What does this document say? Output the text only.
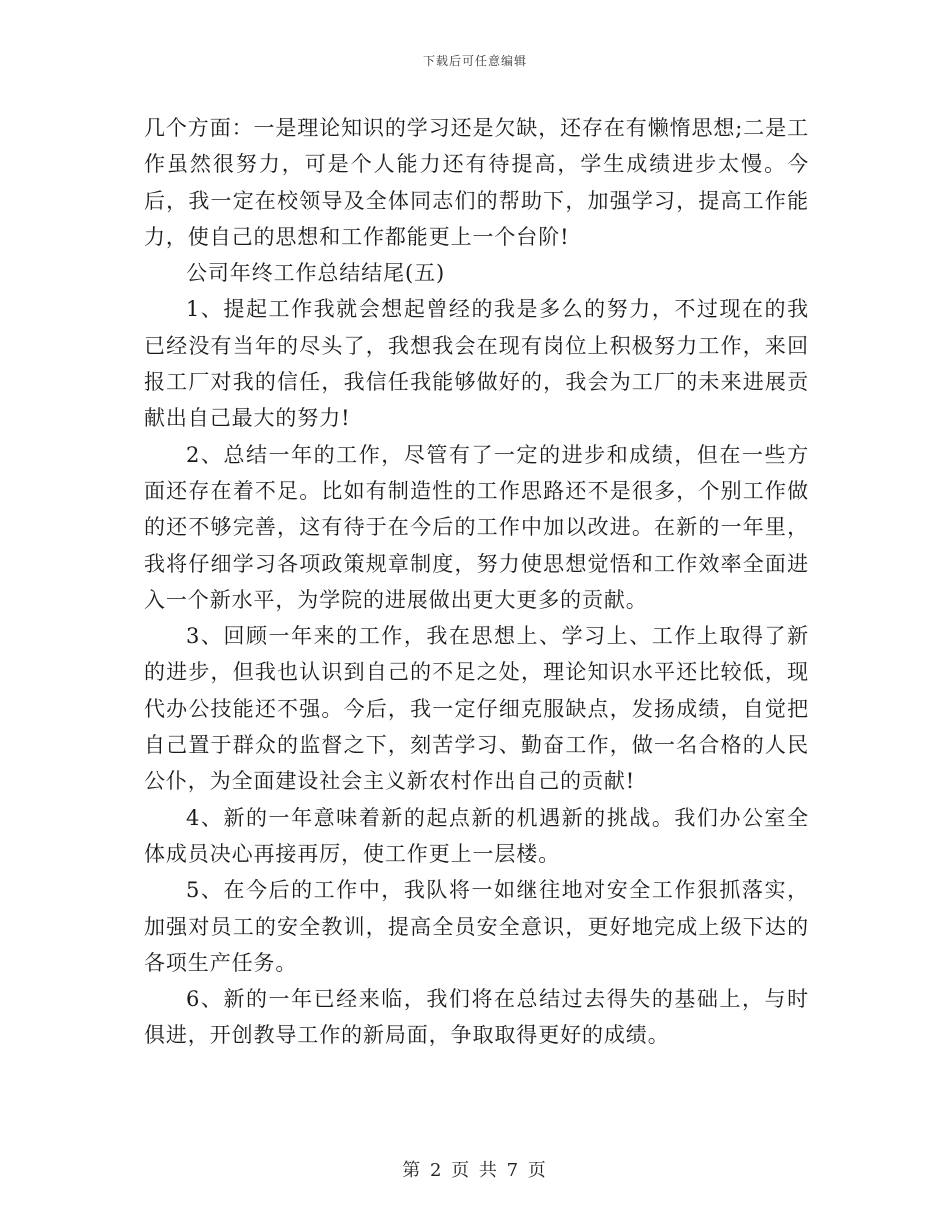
下载后可任意编辑

几个方面：一是理论知识的学习还是欠缺，还存在有懒惰思想;二是工作虽然很努力，可是个人能力还有待提高，学生成绩进步太慢。今后，我一定在校领导及全体同志们的帮助下，加强学习，提高工作能力，使自己的思想和工作都能更上一个台阶!

公司年终工作总结结尾(五)

1、提起工作我就会想起曾经的我是多么的努力，不过现在的我已经没有当年的尽头了，我想我会在现有岗位上积极努力工作，来回报工厂对我的信任，我信任我能够做好的，我会为工厂的未来进展贡献出自己最大的努力!

2、总结一年的工作，尽管有了一定的进步和成绩，但在一些方面还存在着不足。比如有制造性的工作思路还不是很多，个别工作做的还不够完善，这有待于在今后的工作中加以改进。在新的一年里，我将仔细学习各项政策规章制度，努力使思想觉悟和工作效率全面进入一个新水平，为学院的进展做出更大更多的贡献。

3、回顾一年来的工作，我在思想上、学习上、工作上取得了新的进步，但我也认识到自己的不足之处，理论知识水平还比较低，现代办公技能还不强。今后，我一定仔细克服缺点，发扬成绩，自觉把自己置于群众的监督之下，刻苦学习、勤奋工作，做一名合格的人民公仆，为全面建设社会主义新农村作出自己的贡献!

4、新的一年意味着新的起点新的机遇新的挑战。我们办公室全体成员决心再接再厉，使工作更上一层楼。

5、在今后的工作中，我队将一如继往地对安全工作狠抓落实，加强对员工的安全教训，提高全员安全意识，更好地完成上级下达的各项生产任务。

6、新的一年已经来临，我们将在总结过去得失的基础上，与时俱进，开创教导工作的新局面，争取取得更好的成绩。

第 2 页 共 7 页
